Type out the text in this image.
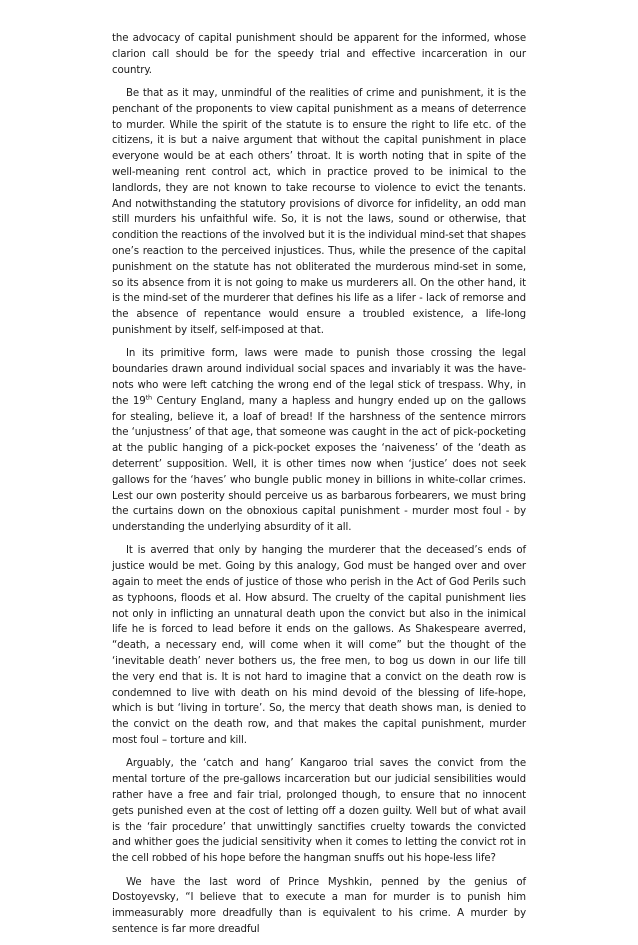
the advocacy of capital punishment should be apparent for the informed, whose clarion call should be for the speedy trial and effective incarceration in our country.

Be that as it may, unmindful of the realities of crime and punishment, it is the penchant of the proponents to view capital punishment as a means of deterrence to murder. While the spirit of the statute is to ensure the right to life etc. of the citizens, it is but a naive argument that without the capital punishment in place everyone would be at each others’ throat. It is worth noting that in spite of the well-meaning rent control act, which in practice proved to be inimical to the landlords, they are not known to take recourse to violence to evict the tenants. And notwithstanding the statutory provisions of divorce for infidelity, an odd man still murders his unfaithful wife. So, it is not the laws, sound or otherwise, that condition the reactions of the involved but it is the individual mind-set that shapes one’s reaction to the perceived injustices. Thus, while the presence of the capital punishment on the statute has not obliterated the murderous mind-set in some, so its absence from it is not going to make us murderers all. On the other hand, it is the mind-set of the murderer that defines his life as a lifer - lack of remorse and the absence of repentance would ensure a troubled existence, a life-long punishment by itself, self-imposed at that.

In its primitive form, laws were made to punish those crossing the legal boundaries drawn around individual social spaces and invariably it was the have-nots who were left catching the wrong end of the legal stick of trespass. Why, in the 19th Century England, many a hapless and hungry ended up on the gallows for stealing, believe it, a loaf of bread! If the harshness of the sentence mirrors the ‘unjustness’ of that age, that someone was caught in the act of pick-pocketing at the public hanging of a pick-pocket exposes the ‘naiveness’ of the ‘death as deterrent’ supposition. Well, it is other times now when ‘justice’ does not seek gallows for the ‘haves’ who bungle public money in billions in white-collar crimes. Lest our own posterity should perceive us as barbarous forbearers, we must bring the curtains down on the obnoxious capital punishment - murder most foul - by understanding the underlying absurdity of it all.

It is averred that only by hanging the murderer that the deceased’s ends of justice would be met. Going by this analogy, God must be hanged over and over again to meet the ends of justice of those who perish in the Act of God Perils such as typhoons, floods et al. How absurd. The cruelty of the capital punishment lies not only in inflicting an unnatural death upon the convict but also in the inimical life he is forced to lead before it ends on the gallows. As Shakespeare averred, “death, a necessary end, will come when it will come” but the thought of the ‘inevitable death’ never bothers us, the free men, to bog us down in our life till the very end that is. It is not hard to imagine that a convict on the death row is condemned to live with death on his mind devoid of the blessing of life-hope, which is but ‘living in torture’. So, the mercy that death shows man, is denied to the convict on the death row, and that makes the capital punishment, murder most foul – torture and kill.

Arguably, the ‘catch and hang’ Kangaroo trial saves the convict from the mental torture of the pre-gallows incarceration but our judicial sensibilities would rather have a free and fair trial, prolonged though, to ensure that no innocent gets punished even at the cost of letting off a dozen guilty. Well but of what avail is the ‘fair procedure’ that unwittingly sanctifies cruelty towards the convicted and whither goes the judicial sensitivity when it comes to letting the convict rot in the cell robbed of his hope before the hangman snuffs out his hope-less life?

We have the last word of Prince Myshkin, penned by the genius of Dostoyevsky, “I believe that to execute a man for murder is to punish him immeasurably more dreadfully than is equivalent to his crime. A murder by sentence is far more dreadful
